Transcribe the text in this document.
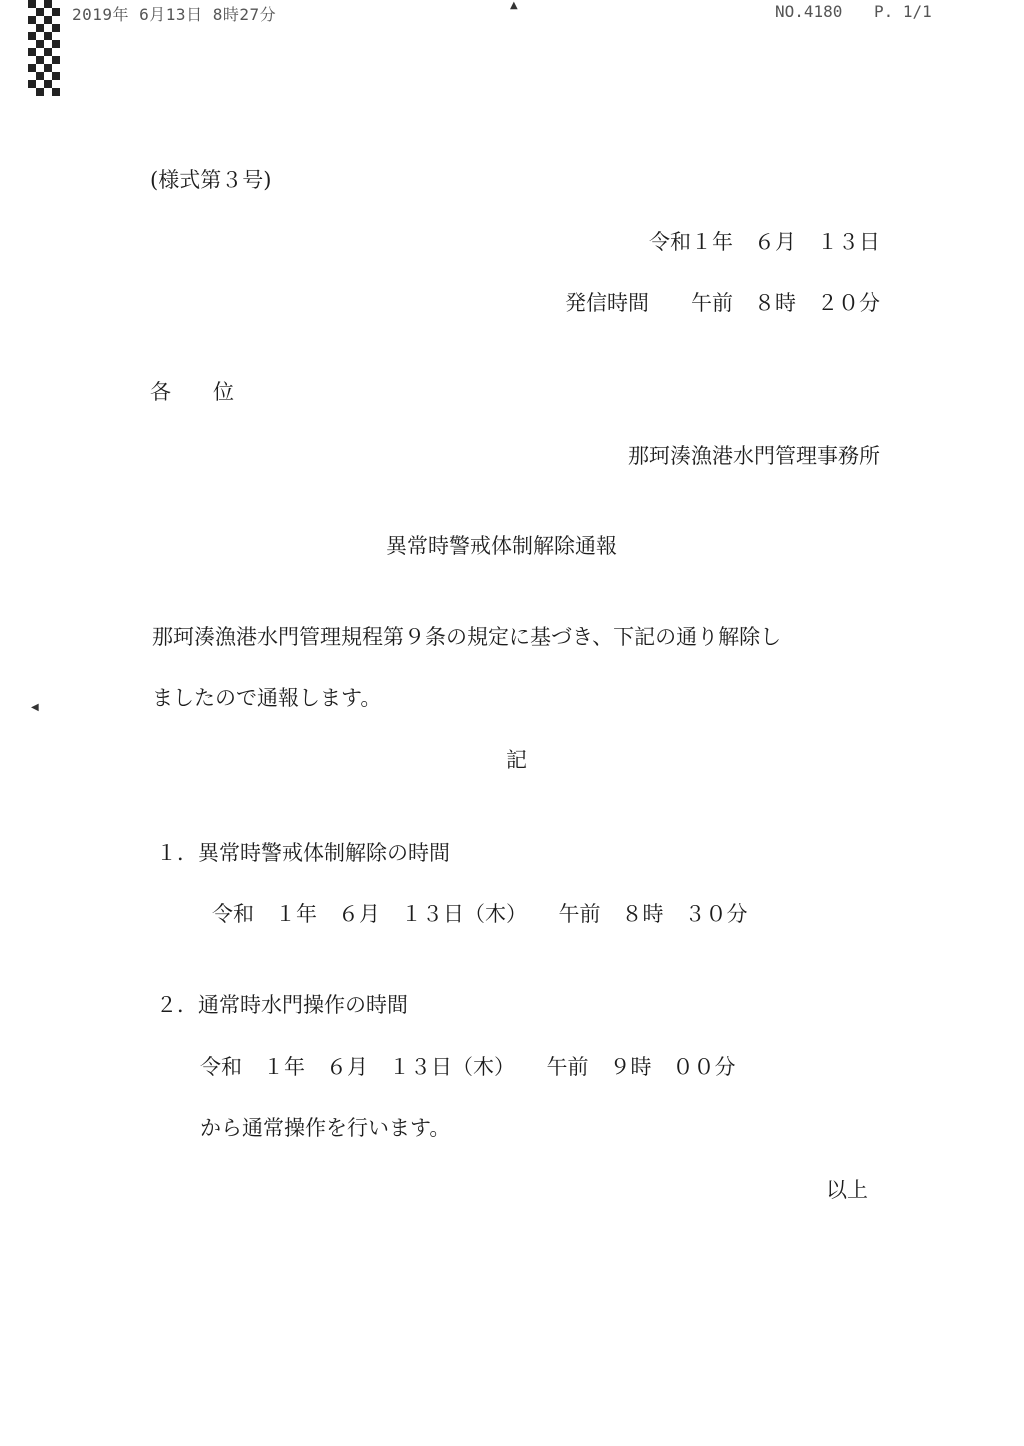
2019年 6月13日 8時27分	NO.4180 P. 1/1
▲
◀
(様式第３号)
令和１年　６月　１３日
発信時間　　午前　８時　２０分
各　　位
那珂湊漁港水門管理事務所
異常時警戒体制解除通報
那珂湊漁港水門管理規程第９条の規定に基づき、下記の通り解除し
ましたので通報します。
記
１．異常時警戒体制解除の時間
令和　１年　６月　１３日（木）　　午前　８時　３０分
２．通常時水門操作の時間
令和　１年　６月　１３日（木）　　午前　９時　００分
から通常操作を行います。
以上
